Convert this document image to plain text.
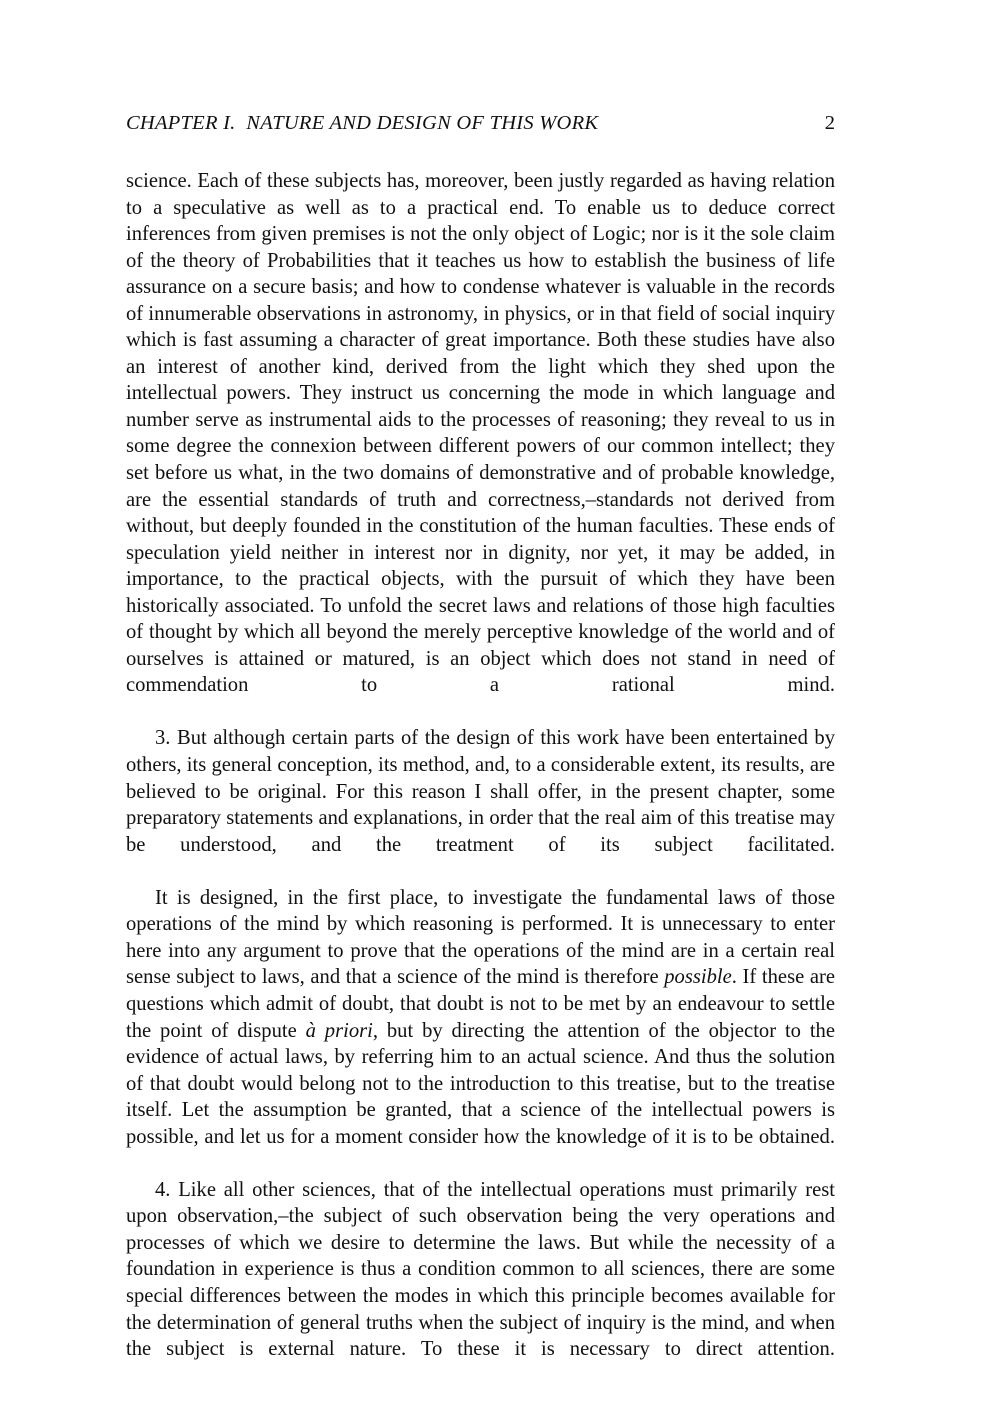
CHAPTER I.  NATURE AND DESIGN OF THIS WORK	2

science. Each of these subjects has, moreover, been justly regarded as having relation to a speculative as well as to a practical end. To enable us to deduce correct inferences from given premises is not the only object of Logic; nor is it the sole claim of the theory of Probabilities that it teaches us how to establish the business of life assurance on a secure basis; and how to condense whatever is valuable in the records of innumerable observations in astronomy, in physics, or in that field of social inquiry which is fast assuming a character of great importance. Both these studies have also an interest of another kind, derived from the light which they shed upon the intellectual powers. They instruct us concerning the mode in which language and number serve as instrumental aids to the processes of reasoning; they reveal to us in some degree the connexion between different powers of our common intellect; they set before us what, in the two domains of demonstrative and of probable knowledge, are the essential standards of truth and correctness,–standards not derived from without, but deeply founded in the constitution of the human faculties. These ends of speculation yield neither in interest nor in dignity, nor yet, it may be added, in importance, to the practical objects, with the pursuit of which they have been historically associated. To unfold the secret laws and relations of those high faculties of thought by which all beyond the merely perceptive knowledge of the world and of ourselves is attained or matured, is an object which does not stand in need of commendation to a rational mind.

3. But although certain parts of the design of this work have been entertained by others, its general conception, its method, and, to a considerable extent, its results, are believed to be original. For this reason I shall offer, in the present chapter, some preparatory statements and explanations, in order that the real aim of this treatise may be understood, and the treatment of its subject facilitated.

It is designed, in the first place, to investigate the fundamental laws of those operations of the mind by which reasoning is performed. It is unnecessary to enter here into any argument to prove that the operations of the mind are in a certain real sense subject to laws, and that a science of the mind is therefore possible. If these are questions which admit of doubt, that doubt is not to be met by an endeavour to settle the point of dispute à priori, but by directing the attention of the objector to the evidence of actual laws, by referring him to an actual science. And thus the solution of that doubt would belong not to the introduction to this treatise, but to the treatise itself. Let the assumption be granted, that a science of the intellectual powers is possible, and let us for a moment consider how the knowledge of it is to be obtained.

4. Like all other sciences, that of the intellectual operations must primarily rest upon observation,–the subject of such observation being the very operations and processes of which we desire to determine the laws. But while the necessity of a foundation in experience is thus a condition common to all sciences, there are some special differences between the modes in which this principle becomes available for the determination of general truths when the subject of inquiry is the mind, and when the subject is external nature. To these it is necessary to direct attention.
